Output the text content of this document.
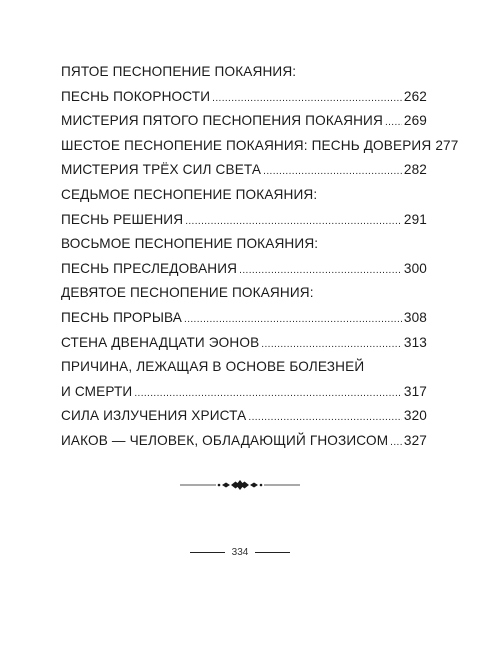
ПЯТОЕ ПЕСНОПЕНИЕ ПОКАЯНИЯ:
ПЕСНЬ ПОКОРНОСТИ .....	262
МИСТЕРИЯ ПЯТОГО ПЕСНОПЕНИЯ ПОКАЯНИЯ ..... 269
ШЕСТОЕ ПЕСНОПЕНИЕ ПОКАЯНИЯ: ПЕСНЬ ДОВЕРИЯ 277
МИСТЕРИЯ ТРЁХ СИЛ СВЕТА .....	282
СЕДЬМОЕ ПЕСНОПЕНИЕ ПОКАЯНИЯ:
ПЕСНЬ РЕШЕНИЯ .....	291
ВОСЬМОЕ ПЕСНОПЕНИЕ ПОКАЯНИЯ:
ПЕСНЬ ПРЕСЛЕДОВАНИЯ .....	300
ДЕВЯТОЕ ПЕСНОПЕНИЕ ПОКАЯНИЯ:
ПЕСНЬ ПРОРЫВА .....	308
СТЕНА ДВЕНАДЦАТИ ЭОНОВ .....	313
ПРИЧИНА, ЛЕЖАЩАЯ В ОСНОВЕ БОЛЕЗНЕЙ
И СМЕРТИ .....	317
СИЛА ИЗЛУЧЕНИЯ ХРИСТА .....	320
ИАКОВ — ЧЕЛОВЕК, ОБЛАДАЮЩИЙ ГНОЗИСОМ ..... 327
334
